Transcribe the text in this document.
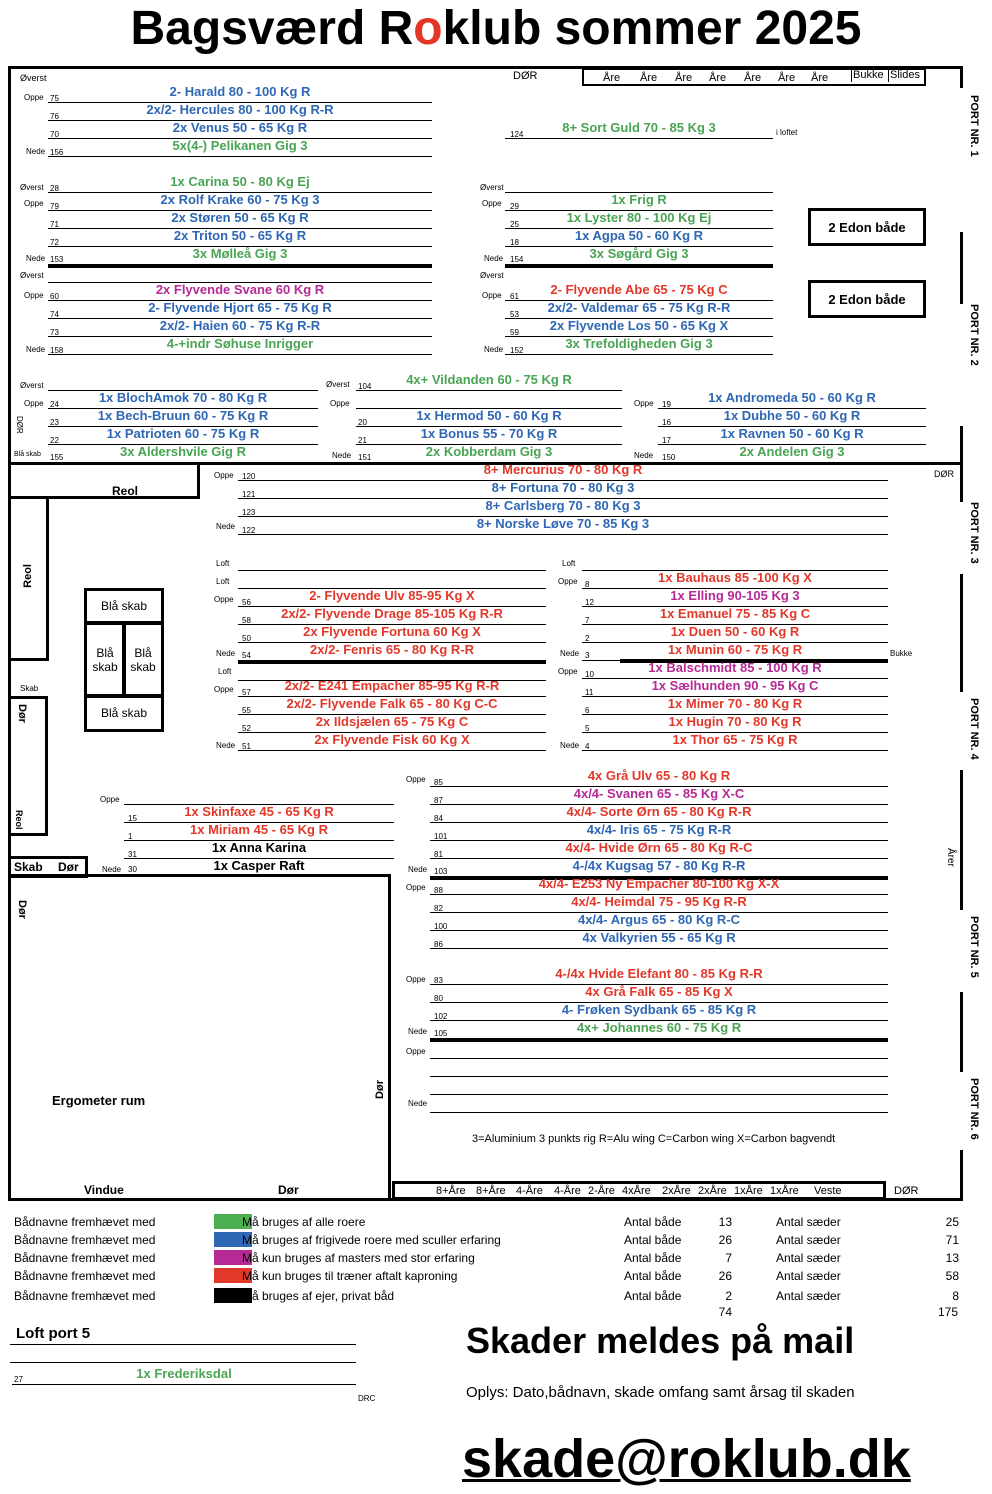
Bagsværd Roklub sommer 2025
Øverst	DØR	Åre Åre Åre Åre Åre Åre Åre Bukke Slides
PORT NR. 1
PORT NR. 2
PORT NR. 3
PORT NR. 4
PORT NR. 5
PORT NR. 6
Oppe
Nede
75	2- Harald 80 - 100 Kg R
76	2x/2- Hercules 80 - 100 Kg R-R
70	2x Venus 50 - 65 Kg R
156	5x(4-) Pelikanen Gig 3
124	8+ Sort Guld 70 - 85 Kg 3	i loftet
Øverst
Oppe
Nede
28	1x Carina 50 - 80 Kg Ej
79	2x Rolf Krake 60 - 75 Kg 3
71	2x Støren 50 - 65 Kg R
72	2x Triton 50 - 65 Kg R
153	3x Mølleå Gig 3
Øverst
Oppe
Nede
29	1x Frig R
25	1x Lyster 80 - 100 Kg Ej
18	1x Agpa 50 - 60 Kg R
154	3x Søgård Gig 3
2 Edon både
Øverst
Oppe
Nede
60	2x Flyvende Svane 60 Kg R
74	2- Flyvende Hjort 65 - 75 Kg R
73	2x/2- Haien 60 - 75 Kg R-R
158	4-+indr Søhuse Inrigger
Øverst
Oppe
Nede
61	2- Flyvende Abe 65 - 75 Kg C
53	2x/2- Valdemar 65 - 75 Kg R-R
59	2x Flyvende Los 50 - 65 Kg X
152	3x Trefoldigheden Gig 3
2 Edon både
Øverst
Oppe
Blå skab
DØR
24	1x BlochAmok 70 - 80 Kg R
23	1x Bech-Bruun 60 - 75 Kg R
22	1x Patrioten 60 - 75 Kg R
155	3x Aldershvile Gig R
Øverst
Oppe
Nede
104	4x+ Vildanden 60 - 75 Kg R
20	1x Hermod 50 - 60 Kg R
21	1x Bonus 55 - 70 Kg R
151	2x Kobberdam Gig 3
Oppe
Nede
19	1x Andromeda 50 - 60 Kg R
16	1x Dubhe 50 - 60 Kg R
17	1x Ravnen 50 - 60 Kg R
150	2x Andelen Gig 3
DØR
Reol
Reol
Oppe
Nede
120	8+ Mercurius 70 - 80 Kg R
121	8+ Fortuna 70 - 80 Kg 3
123	8+ Carlsberg 70 - 80 Kg 3
122	8+ Norske Løve 70 - 85 Kg 3
Blå skab
Blå
skab
Blå
skab
Blå skab
Skab
Dør
Reol
Loft
Loft
Oppe
Nede
Loft
Oppe
Nede
56	2- Flyvende Ulv 85-95 Kg X
58	2x/2- Flyvende Drage 85-105 Kg R-R
50	2x Flyvende Fortuna 60 Kg X
54	2x/2- Fenris 65 - 80 Kg R-R
57	2x/2- E241 Empacher 85-95 Kg R-R
55	2x/2- Flyvende Falk 65 - 80 Kg C-C
52	2x Ildsjælen 65 - 75 Kg C
51	2x Flyvende Fisk 60 Kg X
Loft
Oppe
Nede
Oppe
Nede
Bukke
8	1x Bauhaus 85 -100 Kg X
12	1x Elling 90-105 Kg 3
7	1x Emanuel 75 - 85 Kg C
2	1x Duen 50 - 60 Kg R
3	1x Munin 60 - 75 Kg R
10	1x Balschmidt 85 - 100 Kg R
11	1x Sælhunden 90 - 95 Kg C
6	1x Mimer 70 - 80 Kg R
5	1x Hugin 70 - 80 Kg R
4	1x Thor 65 - 75 Kg R
Oppe
Nede
15	1x Skinfaxe 45 - 65 Kg R
1	1x Miriam 45 - 65 Kg R
31	1x Anna Karina
30	1x Casper Raft
Skab Dør
Dør
Oppe
Nede
Oppe
Årer
85	4x Grå Ulv 65 - 80 Kg R
87	4x/4- Svanen 65 - 85 Kg X-C
84	4x/4- Sorte Ørn 65 - 80 Kg R-R
101	4x/4- Iris 65 - 75 Kg R-R
81	4x/4- Hvide Ørn 65 - 80 Kg R-C
103	4-/4x Kugsag 57 - 80 Kg R-R
88	4x/4- E253 Ny Empacher 80-100 Kg X-X
82	4x/4- Heimdal 75 - 95 Kg R-R
100	4x/4- Argus 65 - 80 Kg R-C
86	4x Valkyrien 55 - 65 Kg R
Oppe
Nede
83	4-/4x Hvide Elefant 80 - 85 Kg R-R
80	4x Grå Falk 65 - 85 Kg X
102	4- Frøken Sydbank 65 - 85 Kg R
105	4x+ Johannes 60 - 75 Kg R
Oppe
Nede
3=Aluminium 3 punkts rig R=Alu wing C=Carbon wing X=Carbon bagvendt
Ergometer rum
Dør
Vindue	Dør	8+Åre 8+Åre 4-Åre 4-Åre 2-Åre 4xÅre 2xÅre 2xÅre 1xÅre 1xÅre Veste	DØR
Bådnavne fremhævet med	Må bruges af alle roere	Antal både	13	Antal sæder	25
Bådnavne fremhævet med	Må bruges af frigivede roere med sculler erfaring	Antal både	26	Antal sæder	71
Bådnavne fremhævet med	Må kun bruges af masters med stor erfaring	Antal både	7	Antal sæder	13
Bådnavne fremhævet med	Må kun bruges til træner aftalt kaproning	Antal både	26	Antal sæder	58
Bådnavne fremhævet med	Må bruges af ejer, privat båd	Antal både	2	Antal sæder	8
74	175
Loft port 5
27	1x Frederiksdal
DRC
Skader meldes på mail
Oplys: Dato,bådnavn, skade omfang samt årsag til skaden
skade@roklub.dk
